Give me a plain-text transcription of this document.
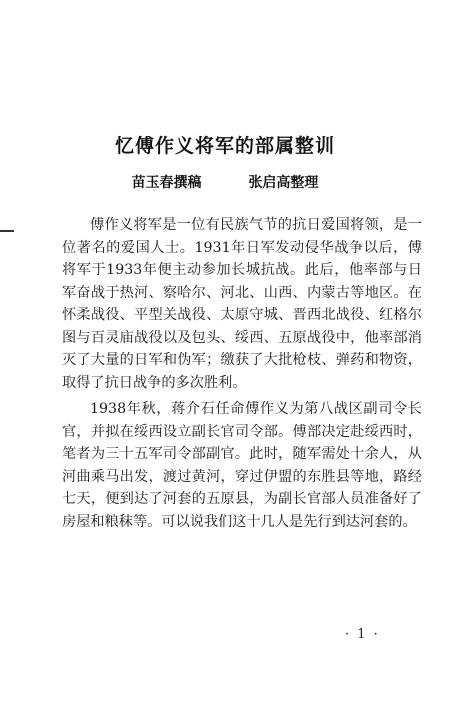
忆傅作义将军的部属整训
苗玉春撰稿	张启高整理

傅作义将军是一位有民族气节的抗日爱国将领，是一位著名的爱国人士。1931年日军发动侵华战争以后，傅将军于1933年便主动参加长城抗战。此后，他率部与日军奋战于热河、察哈尔、河北、山西、内蒙古等地区。在怀柔战役、平型关战役、太原守城、晋西北战役、红格尔图与百灵庙战役以及包头、绥西、五原战役中，他率部消灭了大量的日军和伪军；缴获了大批枪枝、弹药和物资，取得了抗日战争的多次胜利。

1938年秋，蒋介石任命傅作义为第八战区副司令长官，并拟在绥西设立副长官司令部。傅部决定赴绥西时，笔者为三十五军司令部副官。此时，随军需处十余人，从河曲乘马出发，渡过黄河，穿过伊盟的东胜县等地，路经七天，便到达了河套的五原县，为副长官部人员准备好了房屋和粮秣等。可以说我们这十几人是先行到达河套的。

· 1 ·
